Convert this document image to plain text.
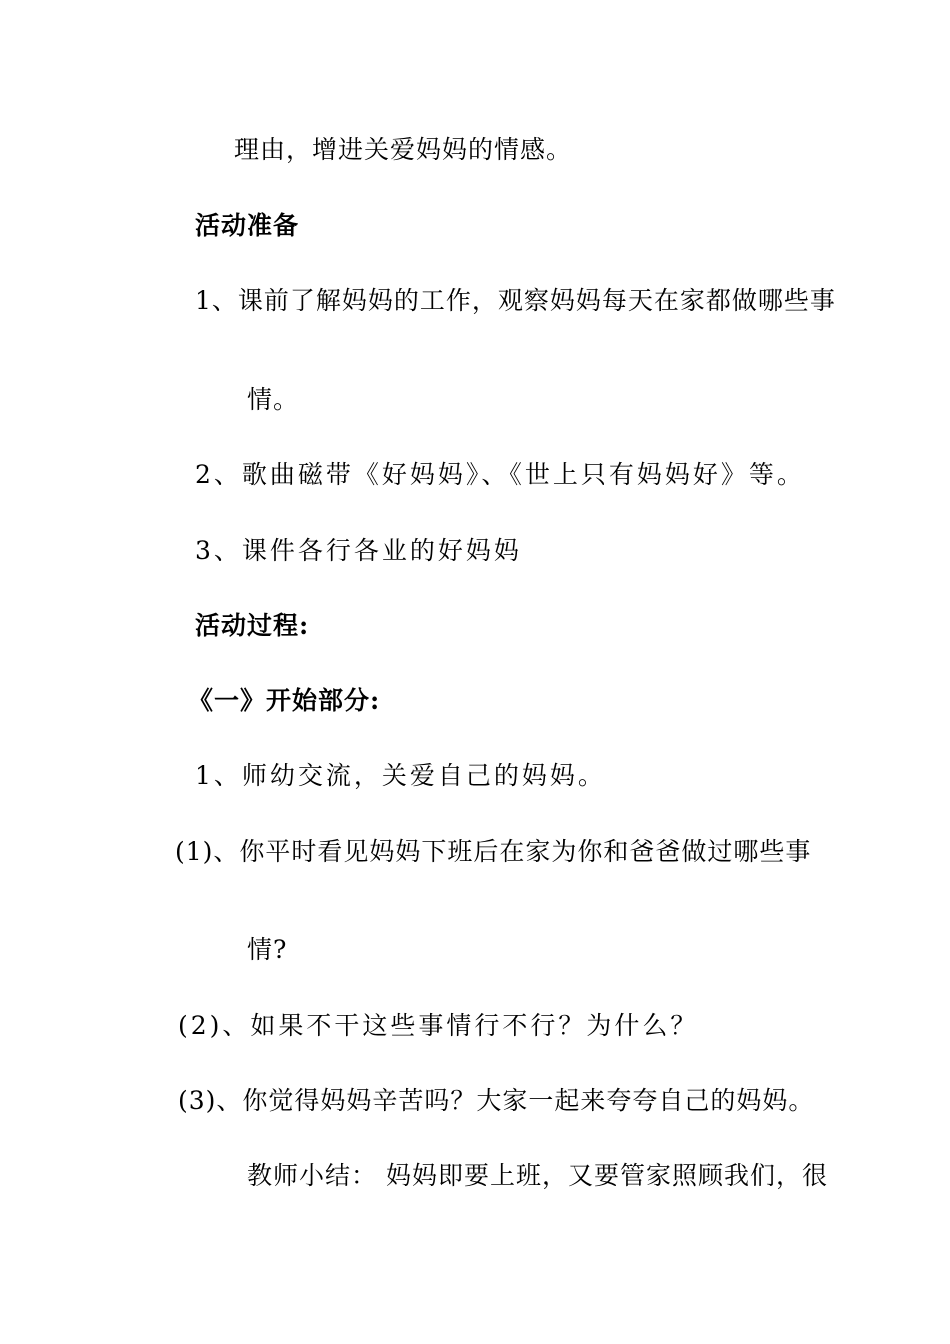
理由，增进关爱妈妈的情感。
活动准备
1、课前了解妈妈的工作，观察妈妈每天在家都做哪些事
情。
2、歌曲磁带《好妈妈》、《世上只有妈妈好》等。
3、课件各行各业的好妈妈
活动过程:
《一》开始部分:
1、师幼交流，关爱自己的妈妈。
(1)、你平时看见妈妈下班后在家为你和爸爸做过哪些事
情?
(2)、如果不干这些事情行不行？为什么？
(3)、你觉得妈妈辛苦吗？大家一起来夸夸自己的妈妈。
教师小结： 妈妈即要上班，又要管家照顾我们，很
